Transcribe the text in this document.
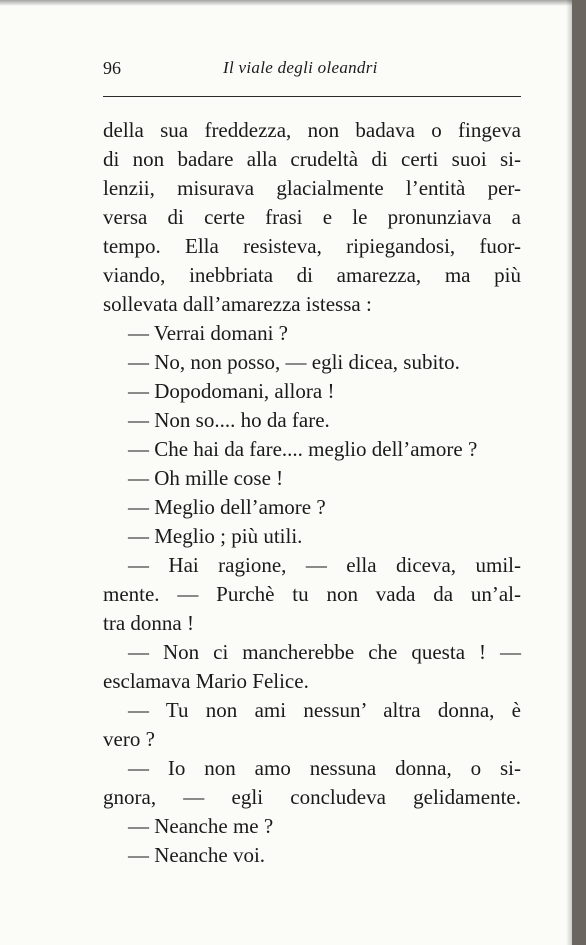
96	Il viale degli oleandri
della sua freddezza, non badava o fingeva
di non badare alla crudeltà di certi suoi si-
lenzii, misurava glacialmente l’entità per-
versa di certe frasi e le pronunziava a
tempo. Ella resisteva, ripiegandosi, fuor-
viando, inebbriata di amarezza, ma più
sollevata dall’amarezza istessa :
— Verrai domani ?
— No, non posso, — egli dicea, subito.
— Dopodomani, allora !
— Non so.... ho da fare.
— Che hai da fare.... meglio dell’amore ?
— Oh mille cose !
— Meglio dell’amore ?
— Meglio ; più utili.
— Hai ragione, — ella diceva, umil-
mente. — Purchè tu non vada da un’al-
tra donna !
— Non ci mancherebbe che questa ! —
esclamava Mario Felice.
— Tu non ami nessun’ altra donna, è
vero ?
— Io non amo nessuna donna, o si-
gnora, — egli concludeva gelidamente.
— Neanche me ?
— Neanche voi.
